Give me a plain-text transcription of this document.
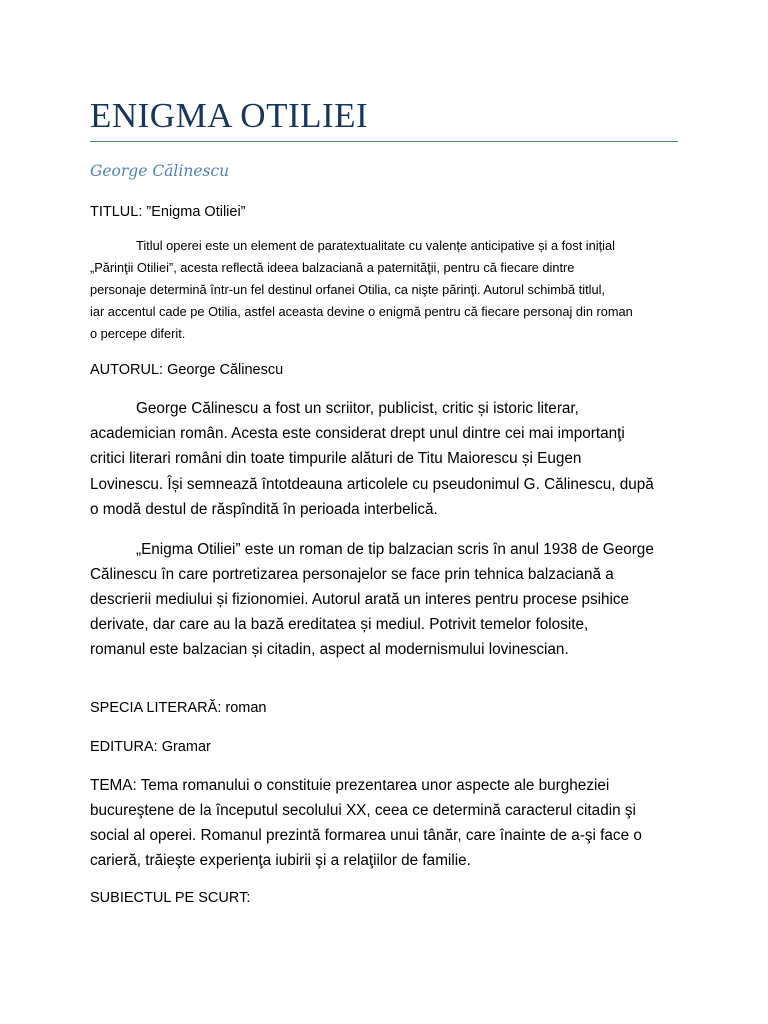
ENIGMA OTILIEI
George Călinescu
TITLUL: ”Enigma Otiliei”
Titlul operei este un element de paratextualitate cu valențe anticipative și a fost inițial
„Părinţii Otiliei”, acesta reflectă ideea balzaciană a paternităţii, pentru că fiecare dintre
personaje determină într-un fel destinul orfanei Otilia, ca nişte părinţi. Autorul schimbă titlul,
iar accentul cade pe Otilia, astfel aceasta devine o enigmă pentru că fiecare personaj din roman
o percepe diferit.
AUTORUL: George Călinescu
George Călinescu a fost un scriitor, publicist, critic și istoric literar,
academician român. Acesta este considerat drept unul dintre cei mai importanţi
critici literari români din toate timpurile alături de Titu Maiorescu și Eugen
Lovinescu. Își semnează întotdeauna articolele cu pseudonimul G. Călinescu, după
o modă destul de răspîndită în perioada interbelică.
„Enigma Otiliei” este un roman de tip balzacian scris în anul 1938 de George
Călinescu în care portretizarea personajelor se face prin tehnica balzaciană a
descrierii mediului și fizionomiei. Autorul arată un interes pentru procese psihice
derivate, dar care au la bază ereditatea și mediul. Potrivit temelor folosite,
romanul este balzacian și citadin, aspect al modernismului lovinescian.
SPECIA LITERARĂ: roman
EDITURA: Gramar
TEMA: Tema romanului o constituie prezentarea unor aspecte ale burgheziei
bucureştene de la începutul secolului XX, ceea ce determină caracterul citadin şi
social al operei. Romanul prezintă formarea unui tânăr, care înainte de a-şi face o
carieră, trăieşte experienţa iubirii şi a relaţiilor de familie.
SUBIECTUL PE SCURT:
